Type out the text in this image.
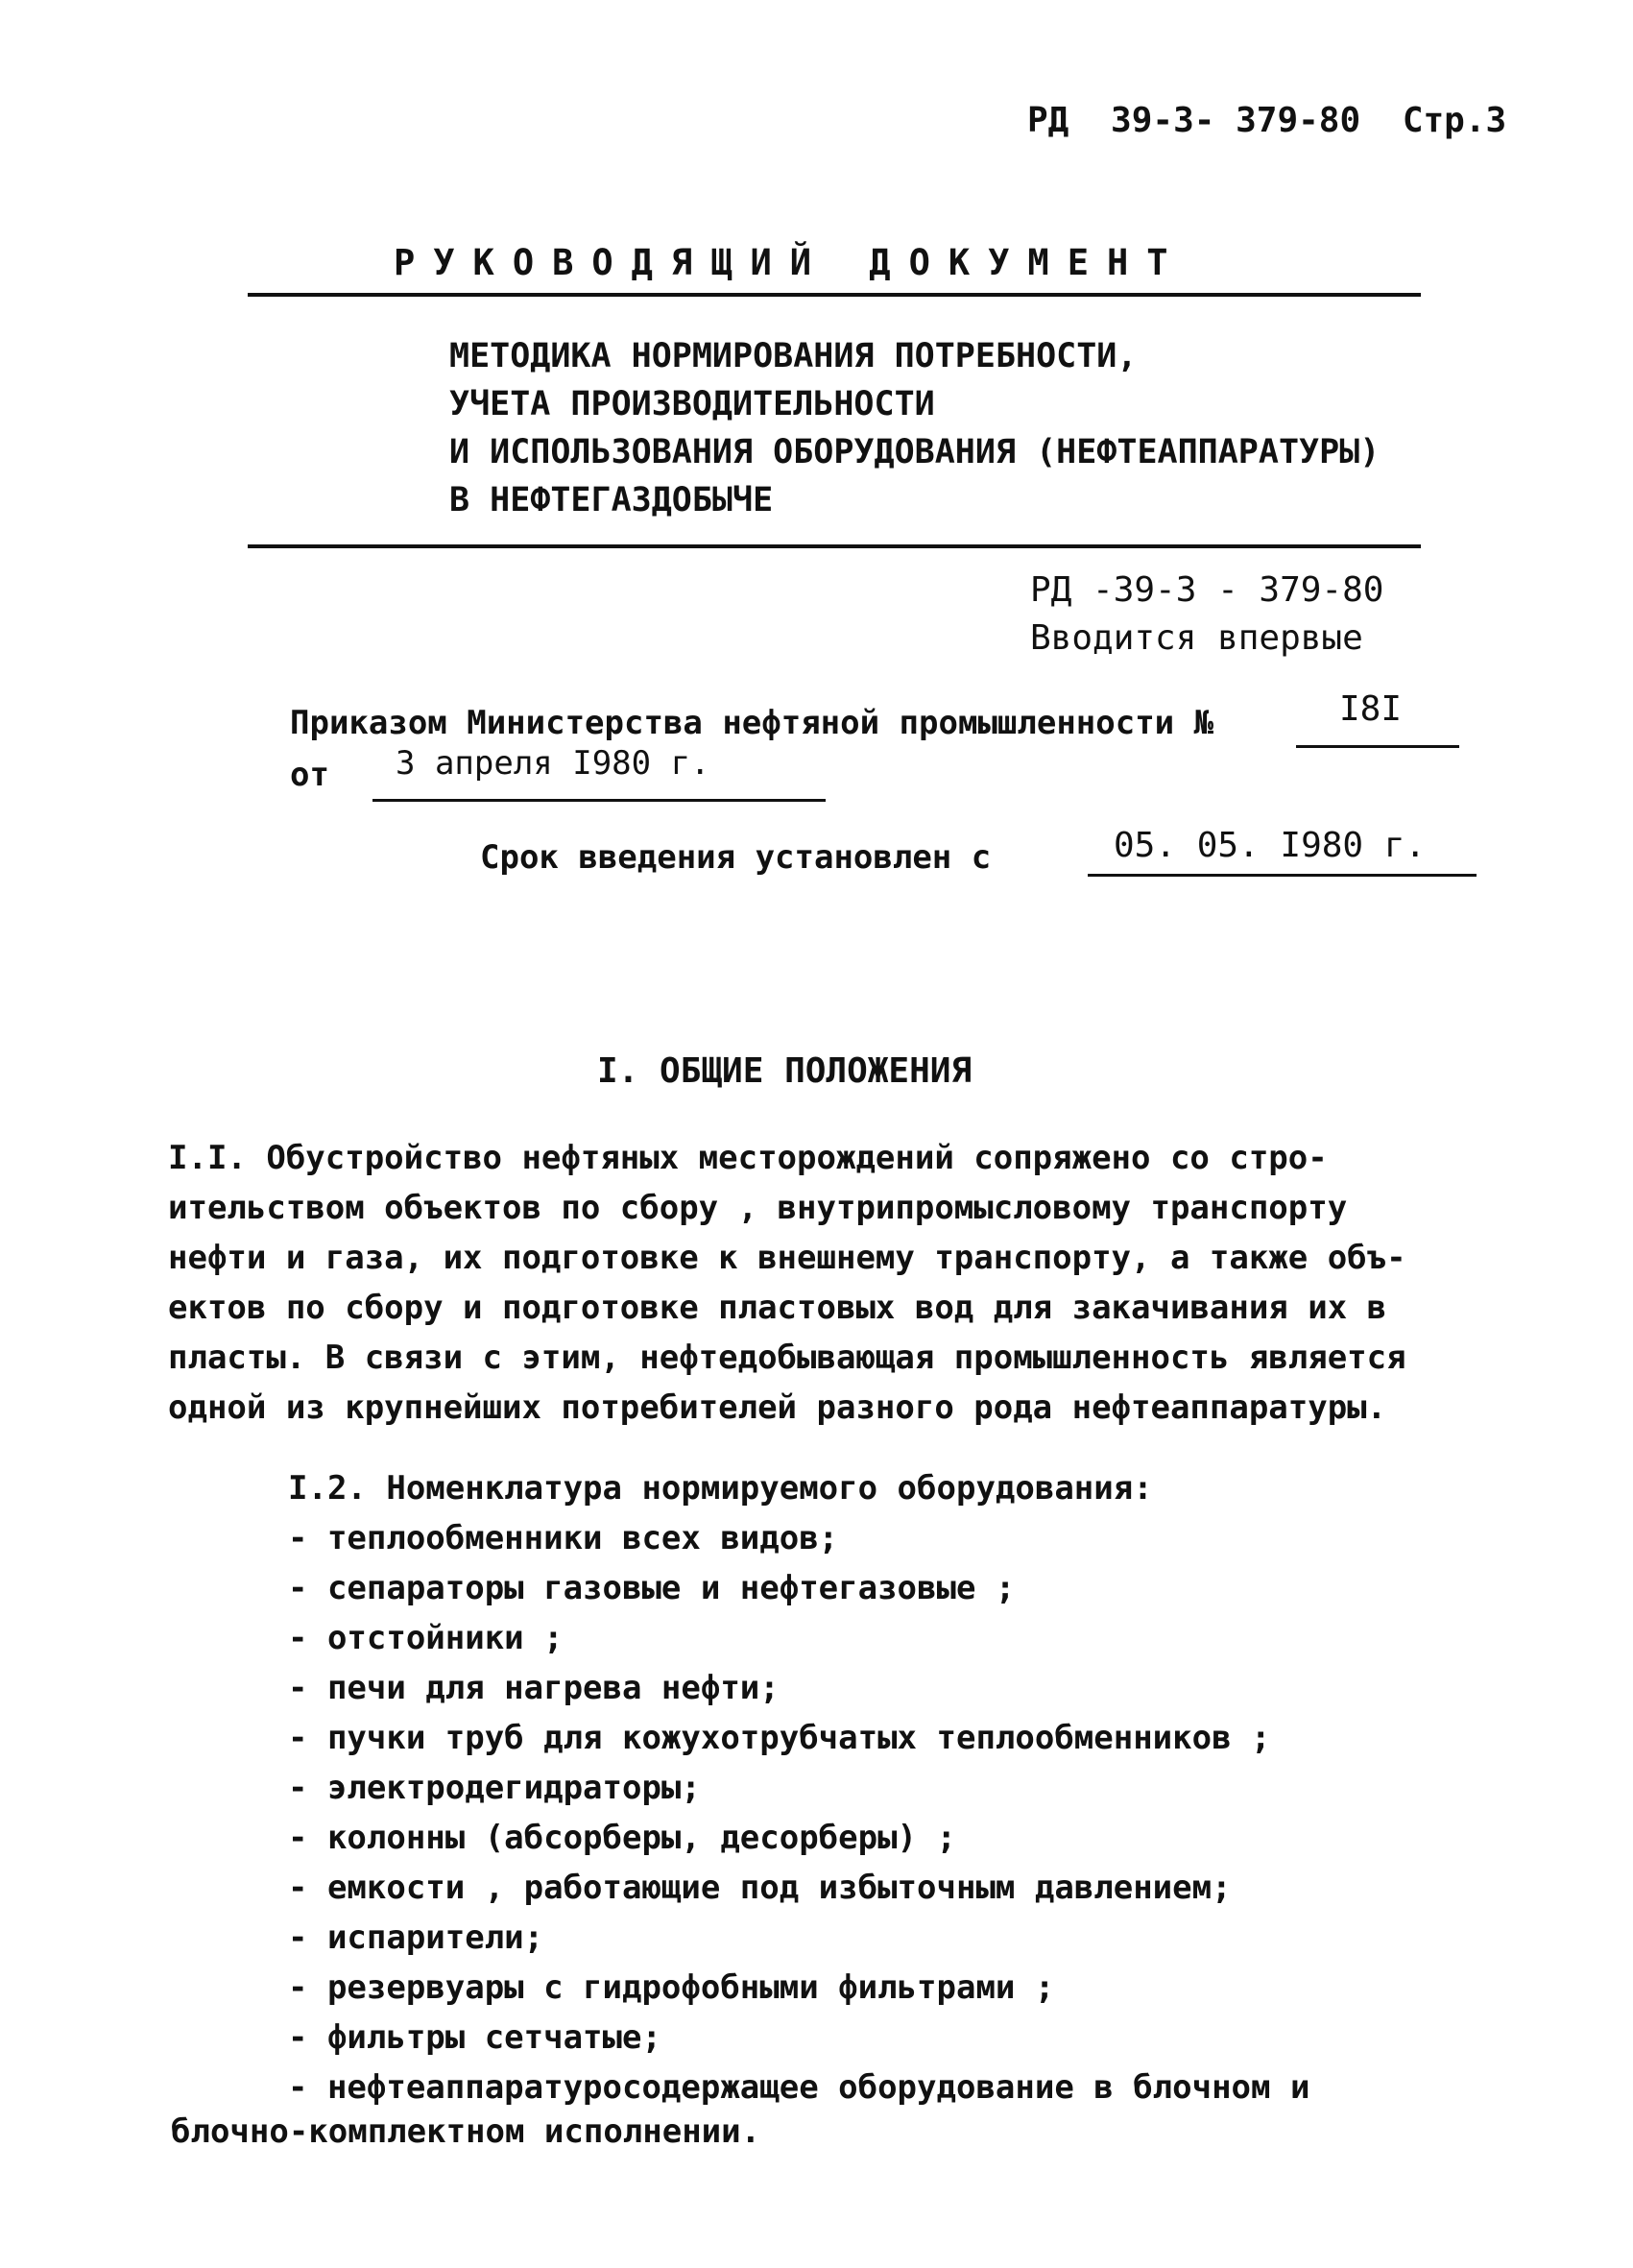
РД 39-3- 379-80 Стр.3
РУКОВОДЯЩИЙ ДОКУМЕНТ
МЕТОДИКА НОРМИРОВАНИЯ ПОТРЕБНОСТИ,
УЧЕТА ПРОИЗВОДИТЕЛЬНОСТИ
И ИСПОЛЬЗОВАНИЯ ОБОРУДОВАНИЯ (НЕФТЕАППАРАТУРЫ)
В НЕФТЕГАЗДОБЫЧЕ
РД -39-3 - 379-80
Вводится впервые
Приказом Министерства нефтяной промышленности №	I8I
от 3 апреля I980 г.
Срок введения установлен с	05. 05. I980 г.
I. ОБЩИЕ ПОЛОЖЕНИЯ
I.I. Обустройство нефтяных месторождений сопряжено со стро-
ительством объектов по сбору , внутрипромысловому транспорту
нефти и газа, их подготовке к внешнему транспорту, а также объ-
ектов по сбору и подготовке пластовых вод для закачивания их в
пласты. В связи с этим, нефтедобывающая промышленность является
одной из крупнейших потребителей разного рода нефтеаппаратуры.
I.2. Номенклатура нормируемого оборудования:
- теплообменники всех видов;
- сепараторы газовые и нефтегазовые ;
- отстойники ;
- печи для нагрева нефти;
- пучки труб для кожухотрубчатых теплообменников ;
- электродегидраторы;
- колонны (абсорберы, десорберы) ;
- емкости , работающие под избыточным давлением;
- испарители;
- резервуары с гидрофобными фильтрами ;
- фильтры сетчатые;
- нефтеаппаратуросодержащее оборудование в блочном и
блочно-комплектном исполнении.
